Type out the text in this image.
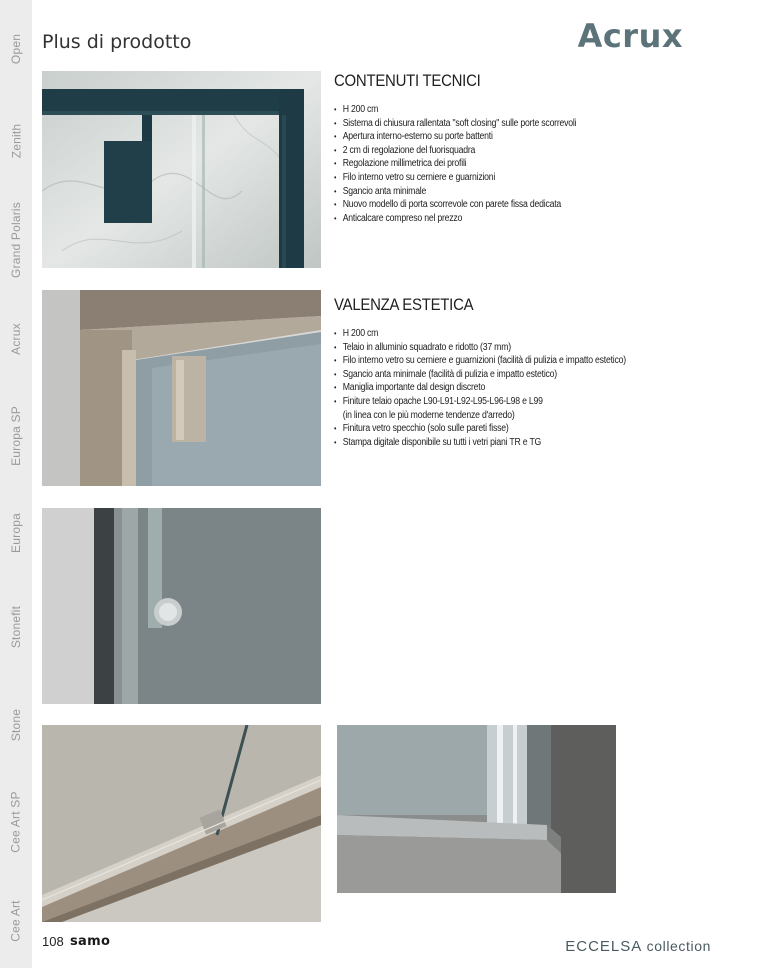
Open
Zenith
Grand Polaris
Acrux
Europa SP
Europa
Stonefit
Stone
Cee Art SP
Cee Art
Plus di prodotto	Acrux
CONTENUTI TECNICI
• H 200 cm
• Sistema di chiusura rallentata "soft closing" sulle porte scorrevoli
• Apertura interno-esterno su porte battenti
• 2 cm di regolazione del fuorisquadra
• Regolazione millimetrica dei profili
• Filo interno vetro su cerniere e guarnizioni
• Sgancio anta minimale
• Nuovo modello di porta scorrevole con parete fissa dedicata
• Anticalcare compreso nel prezzo
VALENZA ESTETICA
• H 200 cm
• Telaio in alluminio squadrato e ridotto (37 mm)
• Filo interno vetro su cerniere e guarnizioni (facilità di pulizia e impatto estetico)
• Sgancio anta minimale (facilità di pulizia e impatto estetico)
• Maniglia importante dal design discreto
• Finiture telaio opache L90-L91-L92-L95-L96-L98 e L99
(in linea con le più moderne tendenze d'arredo)
• Finitura vetro specchio (solo sulle pareti fisse)
• Stampa digitale disponibile su tutti i vetri piani TR e TG
108 samo	ECCELSA collection
